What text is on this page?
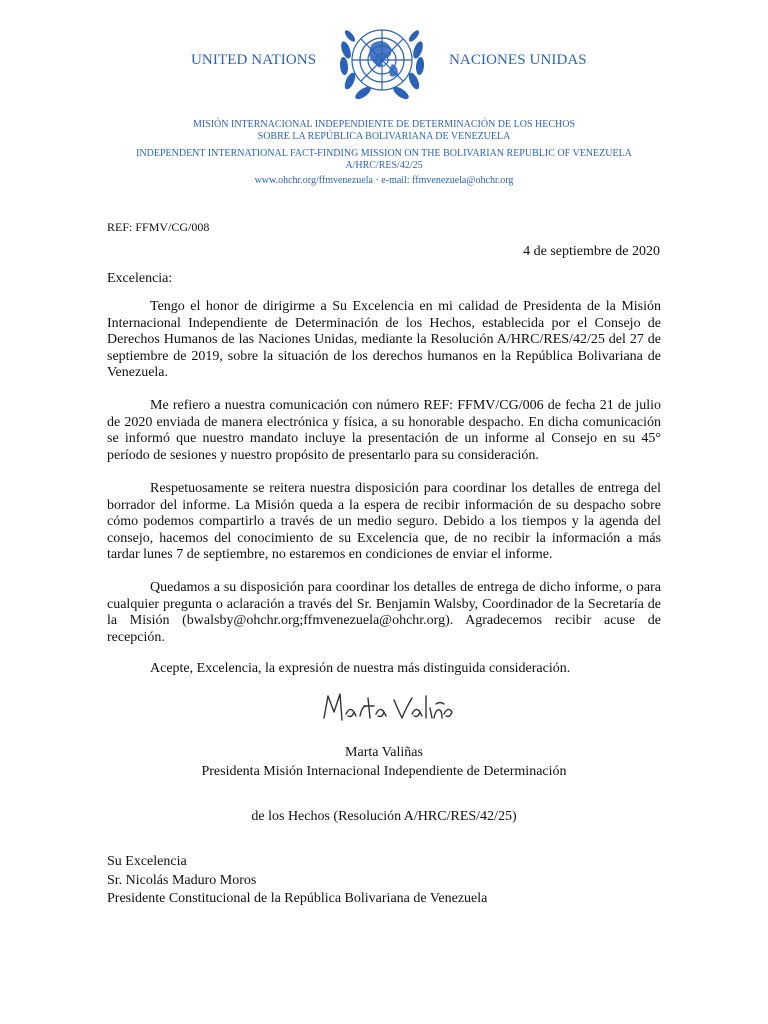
UNITED NATIONS	NACIONES UNIDAS
MISIÓN INTERNACIONAL INDEPENDIENTE DE DETERMINACIÓN DE LOS HECHOS
SOBRE LA REPÚBLICA BOLIVARIANA DE VENEZUELA
INDEPENDENT INTERNATIONAL FACT-FINDING MISSION ON THE BOLIVARIAN REPUBLIC OF VENEZUELA
A/HRC/RES/42/25
www.ohchr.org/ffmvenezuela · e-mail: ffmvenezuela@ohchr.org
REF: FFMV/CG/008
4 de septiembre de 2020
Excelencia:

Tengo el honor de dirigirme a Su Excelencia en mi calidad de Presidenta de la Misión Internacional Independiente de Determinación de los Hechos, establecida por el Consejo de Derechos Humanos de las Naciones Unidas, mediante la Resolución A/HRC/RES/42/25 del 27 de septiembre de 2019, sobre la situación de los derechos humanos en la República Bolivariana de Venezuela.

Me refiero a nuestra comunicación con número REF: FFMV/CG/006 de fecha 21 de julio de 2020 enviada de manera electrónica y física, a su honorable despacho. En dicha comunicación se informó que nuestro mandato incluye la presentación de un informe al Consejo en su 45° período de sesiones y nuestro propósito de presentarlo para su consideración.

Respetuosamente se reitera nuestra disposición para coordinar los detalles de entrega del borrador del informe. La Misión queda a la espera de recibir información de su despacho sobre cómo podemos compartirlo a través de un medio seguro. Debido a los tiempos y la agenda del consejo, hacemos del conocimiento de su Excelencia que, de no recibir la información a más tardar lunes 7 de septiembre, no estaremos en condiciones de enviar el informe.

Quedamos a su disposición para coordinar los detalles de entrega de dicho informe, o para cualquier pregunta o aclaración a través del Sr. Benjamin Walsby, Coordinador de la Secretaría de la Misión (bwalsby@ohchr.org;ffmvenezuela@ohchr.org). Agradecemos recibir acuse de recepción.

Acepte, Excelencia, la expresión de nuestra más distinguida consideración.
Marta Valiñas
Presidenta Misión Internacional Independiente de Determinación
de los Hechos (Resolución A/HRC/RES/42/25)
Su Excelencia
Sr. Nicolás Maduro Moros
Presidente Constitucional de la República Bolivariana de Venezuela
